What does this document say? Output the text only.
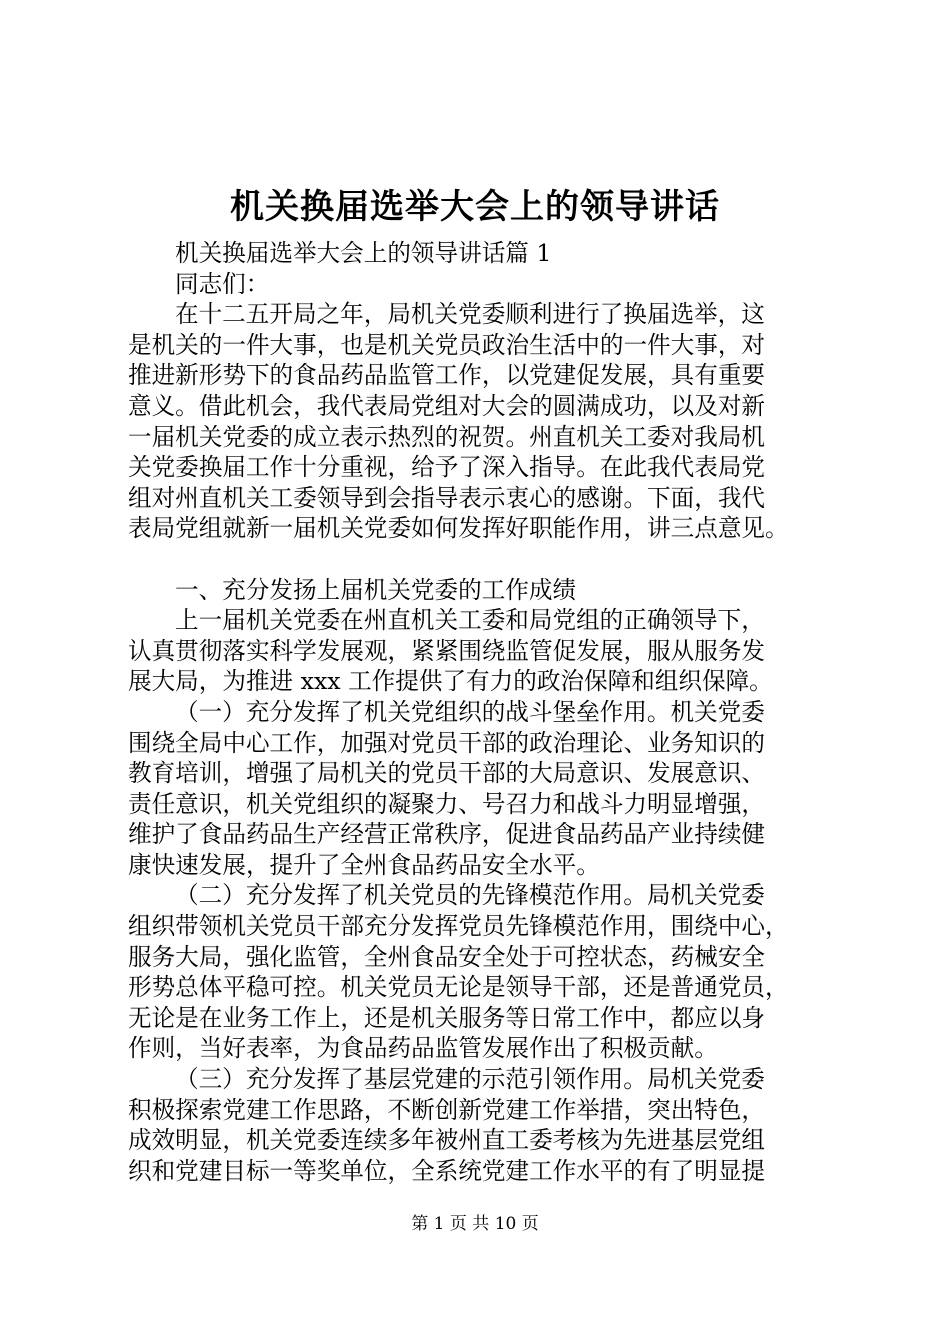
机关换届选举大会上的领导讲话
机关换届选举大会上的领导讲话篇 1
同志们：
在十二五开局之年，局机关党委顺利进行了换届选举，这
是机关的一件大事，也是机关党员政治生活中的一件大事，对
推进新形势下的食品药品监管工作，以党建促发展，具有重要
意义。借此机会，我代表局党组对大会的圆满成功，以及对新
一届机关党委的成立表示热烈的祝贺。州直机关工委对我局机
关党委换届工作十分重视，给予了深入指导。在此我代表局党
组对州直机关工委领导到会指导表示衷心的感谢。下面，我代
表局党组就新一届机关党委如何发挥好职能作用，讲三点意见。
一、充分发扬上届机关党委的工作成绩
上一届机关党委在州直机关工委和局党组的正确领导下，
认真贯彻落实科学发展观，紧紧围绕监管促发展，服从服务发
展大局，为推进 xxx 工作提供了有力的政治保障和组织保障。
（一）充分发挥了机关党组织的战斗堡垒作用。机关党委
围绕全局中心工作，加强对党员干部的政治理论、业务知识的
教育培训，增强了局机关的党员干部的大局意识、发展意识、
责任意识，机关党组织的凝聚力、号召力和战斗力明显增强，
维护了食品药品生产经营正常秩序，促进食品药品产业持续健
康快速发展，提升了全州食品药品安全水平。
（二）充分发挥了机关党员的先锋模范作用。局机关党委
组织带领机关党员干部充分发挥党员先锋模范作用，围绕中心，
服务大局，强化监管，全州食品安全处于可控状态，药械安全
形势总体平稳可控。机关党员无论是领导干部，还是普通党员，
无论是在业务工作上，还是机关服务等日常工作中，都应以身
作则，当好表率，为食品药品监管发展作出了积极贡献。
（三）充分发挥了基层党建的示范引领作用。局机关党委
积极探索党建工作思路，不断创新党建工作举措，突出特色，
成效明显，机关党委连续多年被州直工委考核为先进基层党组
织和党建目标一等奖单位，全系统党建工作水平的有了明显提
第 1 页 共 10 页
